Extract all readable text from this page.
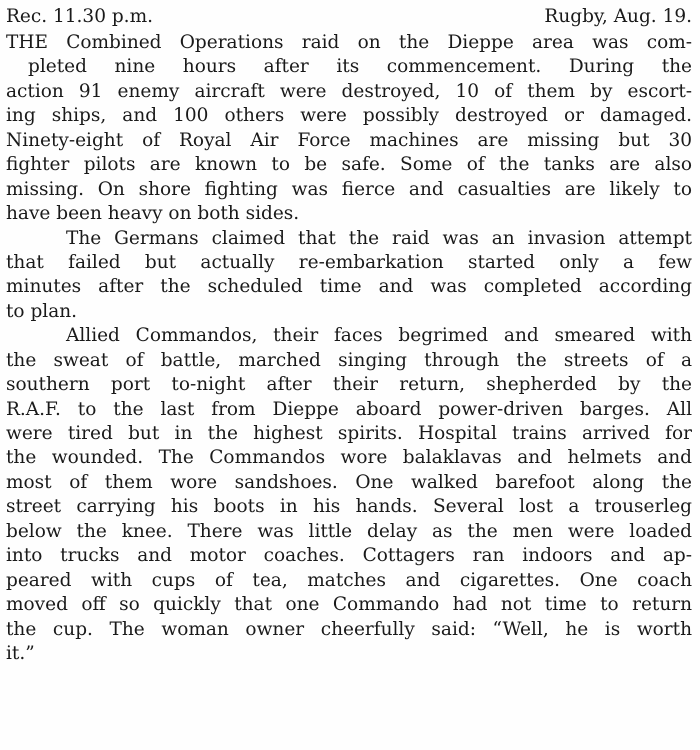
Rec. 11.30 p.m.	Rugby, Aug. 19.
THE Combined Operations raid on the Dieppe area was com-
pleted nine hours after its commencement. During the
action 91 enemy aircraft were destroyed, 10 of them by escort-
ing ships, and 100 others were possibly destroyed or damaged.
Ninety-eight of Royal Air Force machines are missing but 30
fighter pilots are known to be safe. Some of the tanks are also
missing. On shore fighting was fierce and casualties are likely to
have been heavy on both sides.
The Germans claimed that the raid was an invasion attempt
that failed but actually re-embarkation started only a few
minutes after the scheduled time and was completed according
to plan.
Allied Commandos, their faces begrimed and smeared with
the sweat of battle, marched singing through the streets of a
southern port to-night after their return, shepherded by the
R.A.F. to the last from Dieppe aboard power-driven barges. All
were tired but in the highest spirits. Hospital trains arrived for
the wounded. The Commandos wore balaklavas and helmets and
most of them wore sandshoes. One walked barefoot along the
street carrying his boots in his hands. Several lost a trouserleg
below the knee. There was little delay as the men were loaded
into trucks and motor coaches. Cottagers ran indoors and ap-
peared with cups of tea, matches and cigarettes. One coach
moved off so quickly that one Commando had not time to return
the cup. The woman owner cheerfully said: “Well, he is worth
it.”
